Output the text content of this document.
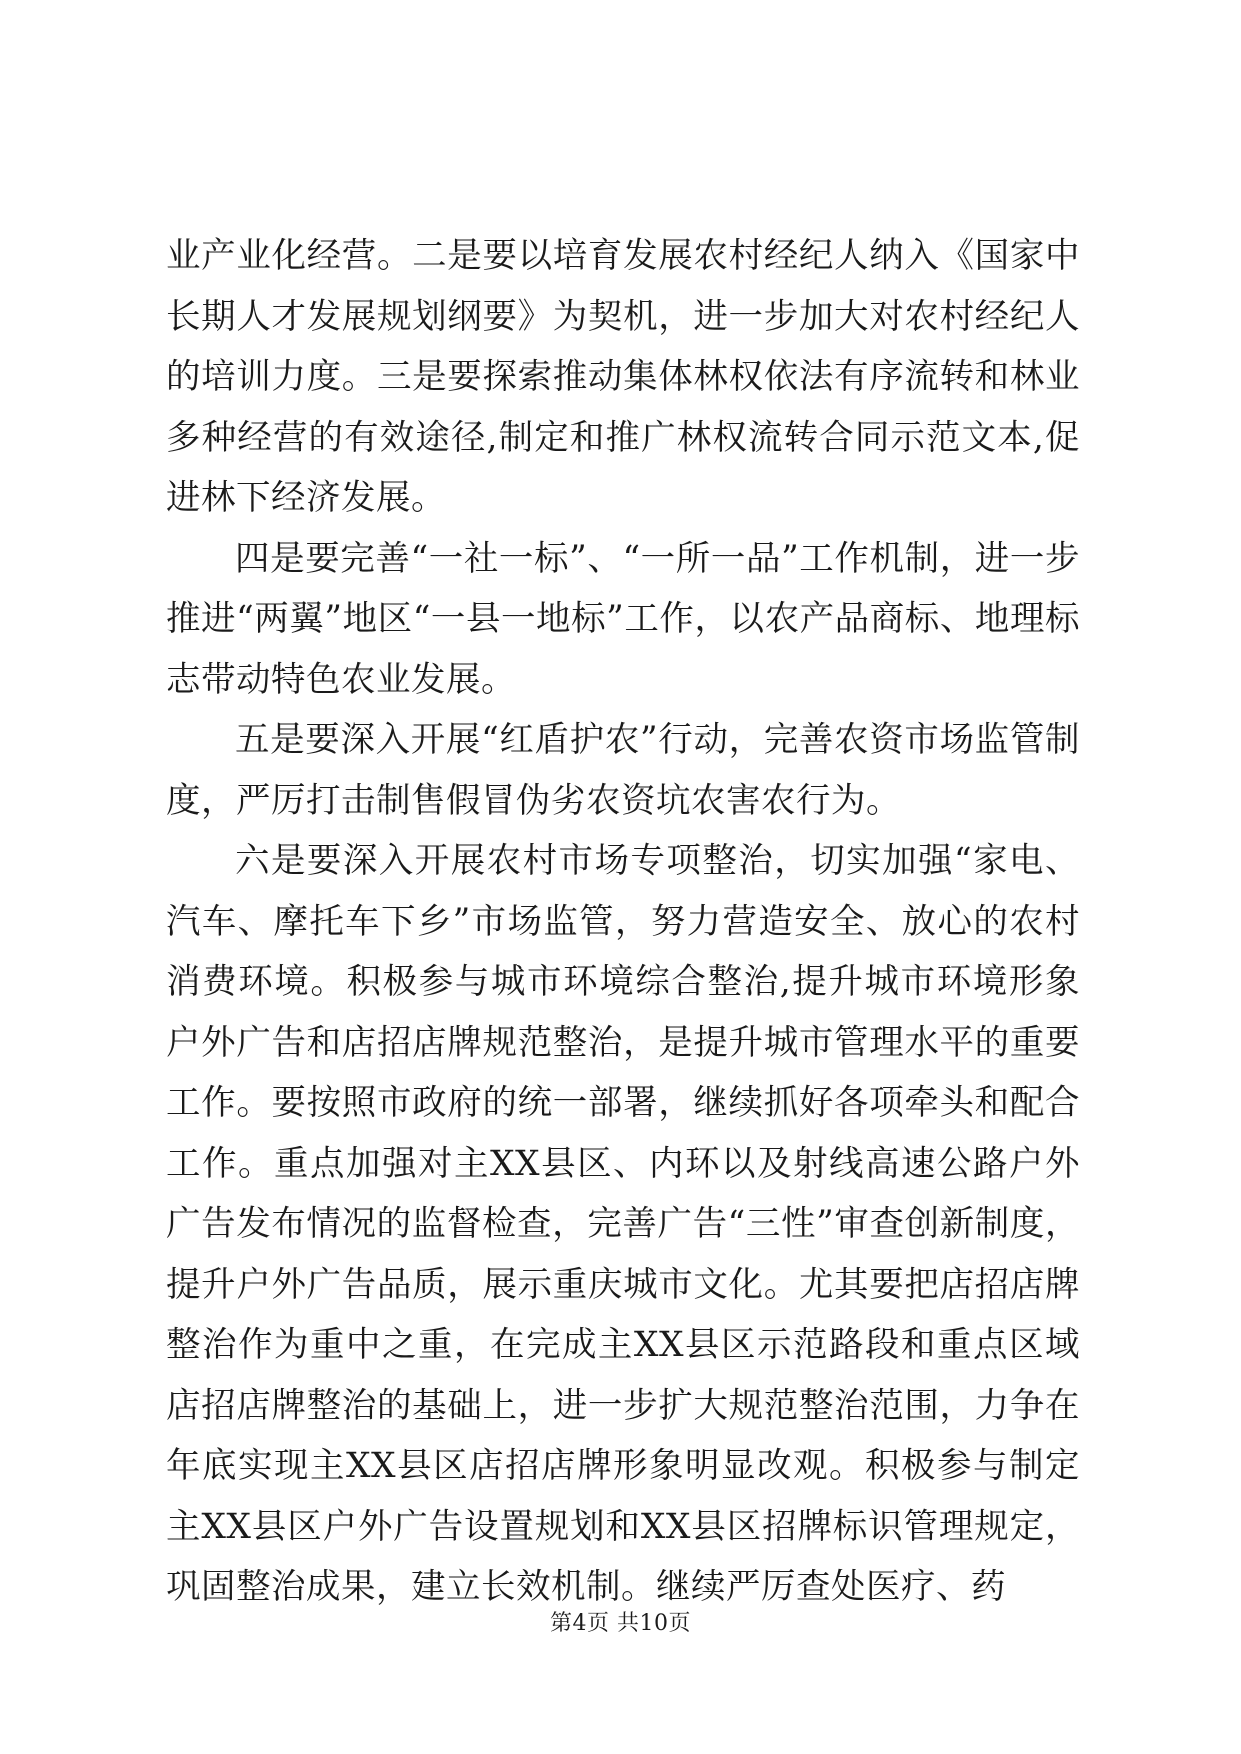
业产业化经营。二是要以培育发展农村经纪人纳入《国家中长期人才发展规划纲要》为契机，进一步加大对农村经纪人的培训力度。三是要探索推动集体林权依法有序流转和林业多种经营的有效途径,制定和推广林权流转合同示范文本,促进林下经济发展。

四是要完善“一社一标”、“一所一品”工作机制，进一步推进“两翼”地区“一县一地标”工作，以农产品商标、地理标志带动特色农业发展。

五是要深入开展“红盾护农”行动，完善农资市场监管制度，严厉打击制售假冒伪劣农资坑农害农行为。

六是要深入开展农村市场专项整治，切实加强“家电、汽车、摩托车下乡”市场监管，努力营造安全、放心的农村消费环境。积极参与城市环境综合整治,提升城市环境形象户外广告和店招店牌规范整治，是提升城市管理水平的重要工作。要按照市政府的统一部署，继续抓好各项牵头和配合工作。重点加强对主XX县区、内环以及射线高速公路户外广告发布情况的监督检查，完善广告“三性”审查创新制度，提升户外广告品质，展示重庆城市文化。尤其要把店招店牌整治作为重中之重，在完成主XX县区示范路段和重点区域店招店牌整治的基础上，进一步扩大规范整治范围，力争在年底实现主XX县区店招店牌形象明显改观。积极参与制定主XX县区户外广告设置规划和XX县区招牌标识管理规定，巩固整治成果，建立长效机制。继续严厉查处医疗、药

第4页 共10页
